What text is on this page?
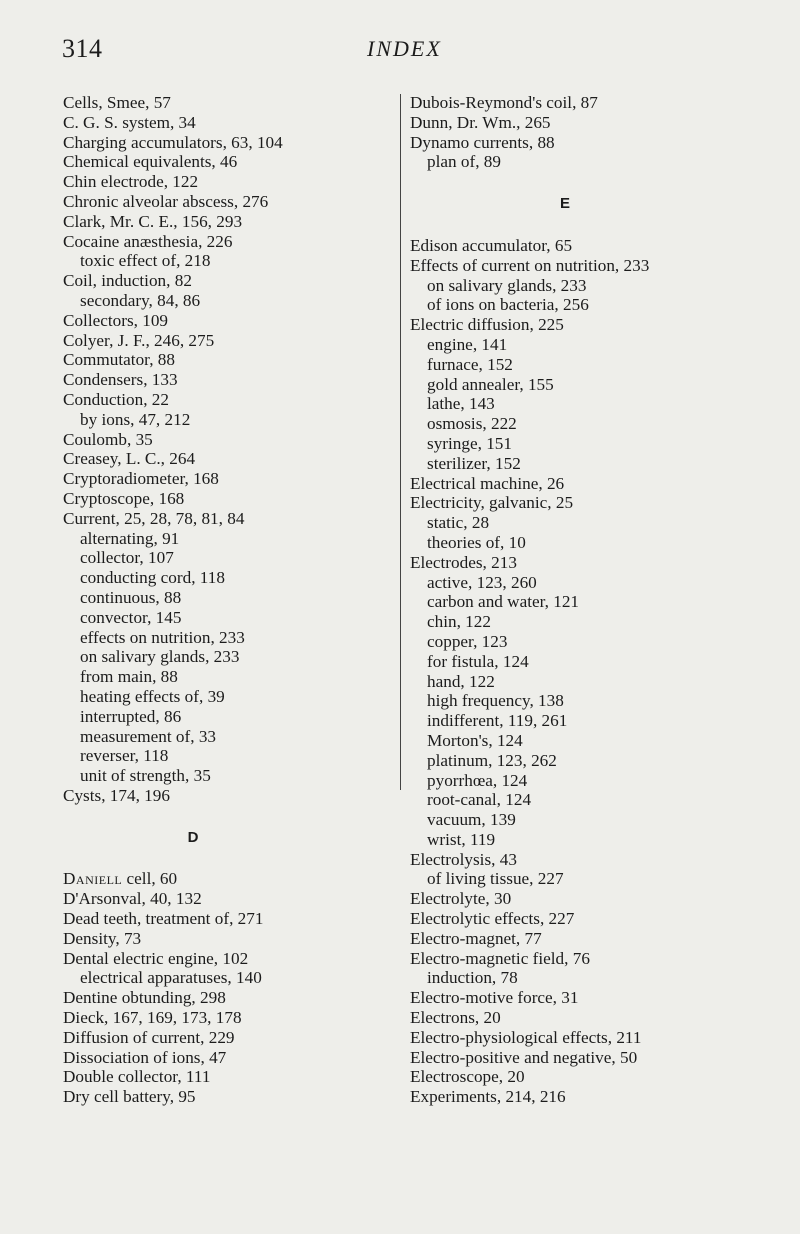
314	INDEX
Cells, Smee, 57
C. G. S. system, 34
Charging accumulators, 63, 104
Chemical equivalents, 46
Chin electrode, 122
Chronic alveolar abscess, 276
Clark, Mr. C. E., 156, 293
Cocaine anæsthesia, 226
toxic effect of, 218
Coil, induction, 82
secondary, 84, 86
Collectors, 109
Colyer, J. F., 246, 275
Commutator, 88
Condensers, 133
Conduction, 22
by ions, 47, 212
Coulomb, 35
Creasey, L. C., 264
Cryptoradiometer, 168
Cryptoscope, 168
Current, 25, 28, 78, 81, 84
alternating, 91
collector, 107
conducting cord, 118
continuous, 88
convector, 145
effects on nutrition, 233
on salivary glands, 233
from main, 88
heating effects of, 39
interrupted, 86
measurement of, 33
reverser, 118
unit of strength, 35
Cysts, 174, 196
D
Daniell cell, 60
D'Arsonval, 40, 132
Dead teeth, treatment of, 271
Density, 73
Dental electric engine, 102
electrical apparatuses, 140
Dentine obtunding, 298
Dieck, 167, 169, 173, 178
Diffusion of current, 229
Dissociation of ions, 47
Double collector, 111
Dry cell battery, 95
Dubois-Reymond's coil, 87
Dunn, Dr. Wm., 265
Dynamo currents, 88
plan of, 89
E
Edison accumulator, 65
Effects of current on nutrition, 233
on salivary glands, 233
of ions on bacteria, 256
Electric diffusion, 225
engine, 141
furnace, 152
gold annealer, 155
lathe, 143
osmosis, 222
syringe, 151
sterilizer, 152
Electrical machine, 26
Electricity, galvanic, 25
static, 28
theories of, 10
Electrodes, 213
active, 123, 260
carbon and water, 121
chin, 122
copper, 123
for fistula, 124
hand, 122
high frequency, 138
indifferent, 119, 261
Morton's, 124
platinum, 123, 262
pyorrhœa, 124
root-canal, 124
vacuum, 139
wrist, 119
Electrolysis, 43
of living tissue, 227
Electrolyte, 30
Electrolytic effects, 227
Electro-magnet, 77
Electro-magnetic field, 76
induction, 78
Electro-motive force, 31
Electrons, 20
Electro-physiological effects, 211
Electro-positive and negative, 50
Electroscope, 20
Experiments, 214, 216
